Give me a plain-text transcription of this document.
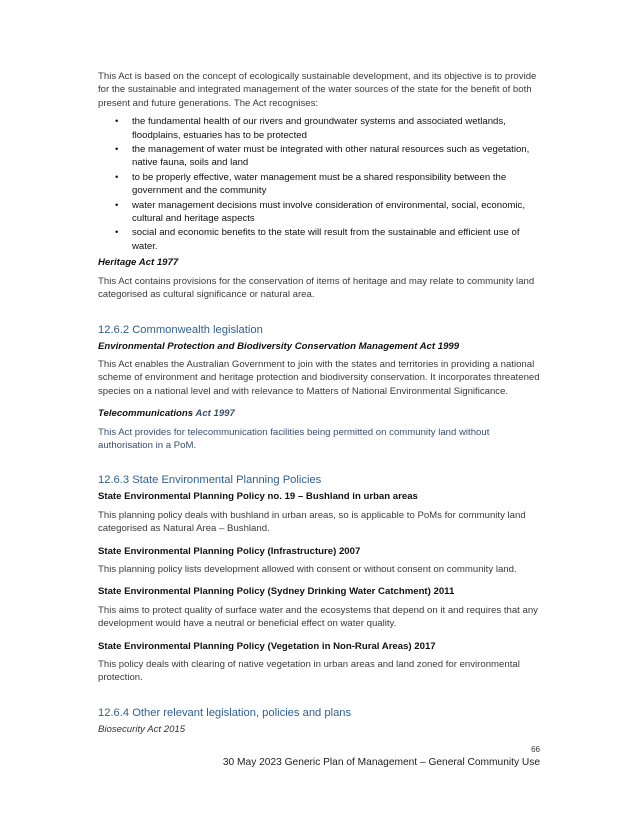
This Act is based on the concept of ecologically sustainable development, and its objective is to provide for the sustainable and integrated management of the water sources of the state for the benefit of both present and future generations. The Act recognises:

• the fundamental health of our rivers and groundwater systems and associated wetlands, floodplains, estuaries has to be protected
• the management of water must be integrated with other natural resources such as vegetation, native fauna, soils and land
• to be properly effective, water management must be a shared responsibility between the government and the community
• water management decisions must involve consideration of environmental, social, economic, cultural and heritage aspects
• social and economic benefits to the state will result from the sustainable and efficient use of water.
Heritage Act 1977

This Act contains provisions for the conservation of items of heritage and may relate to community land categorised as cultural significance or natural area.

12.6.2 Commonwealth legislation
Environmental Protection and Biodiversity Conservation Management Act 1999

This Act enables the Australian Government to join with the states and territories in providing a national scheme of environment and heritage protection and biodiversity conservation. It incorporates threatened species on a national level and with relevance to Matters of National Environmental Significance.

Telecommunications Act 1997

This Act provides for telecommunication facilities being permitted on community land without authorisation in a PoM.

12.6.3 State Environmental Planning Policies
State Environmental Planning Policy no. 19 – Bushland in urban areas

This planning policy deals with bushland in urban areas, so is applicable to PoMs for community land categorised as Natural Area – Bushland.

State Environmental Planning Policy (Infrastructure) 2007

This planning policy lists development allowed with consent or without consent on community land.

State Environmental Planning Policy (Sydney Drinking Water Catchment) 2011

This aims to protect quality of surface water and the ecosystems that depend on it and requires that any development would have a neutral or beneficial effect on water quality.

State Environmental Planning Policy (Vegetation in Non-Rural Areas) 2017

This policy deals with clearing of native vegetation in urban areas and land zoned for environmental protection.

12.6.4 Other relevant legislation, policies and plans
Biosecurity Act 2015
66
30 May 2023 Generic Plan of Management – General Community Use
